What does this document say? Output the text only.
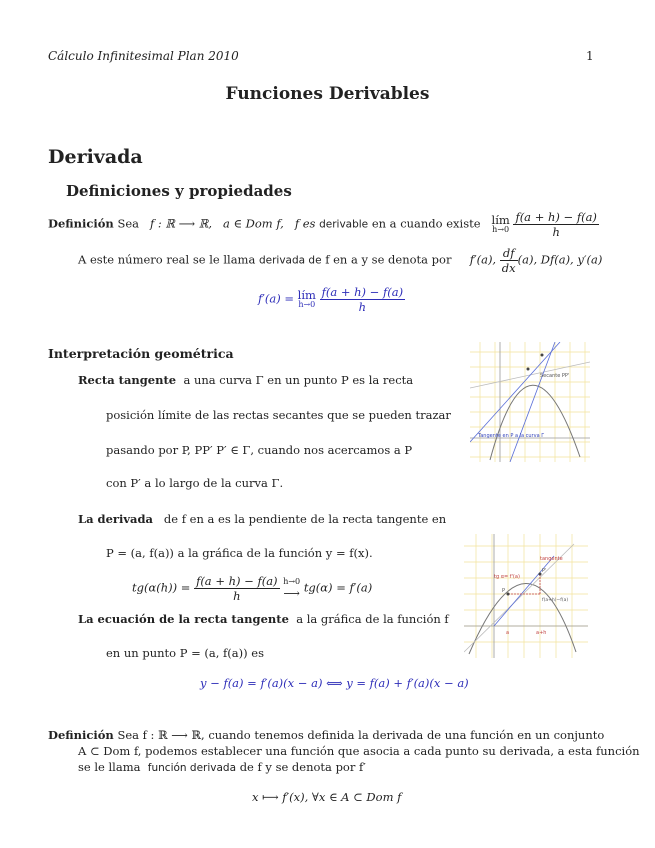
Cálculo Infinitesimal Plan 2010	1
Funciones Derivables
Derivada
Definiciones y propiedades
Definición Sea f : ℝ ⟶ ℝ, a ∈ Dom f, f es derivable en a cuando existe lím
h→0
$\frac{f(a + h) - f(a)}{h}$
A este número real se le llama derivada de f en a y se denota por f′(a), $\frac{df}{dx} (a)$, Df(a), y′(a)
f′(a) = lím
h→0
$\frac{f(a + h) - f(a)}{h}$
Interpretación geométrica
Recta tangente a una curva Γ en un punto P es la recta
posición límite de las rectas secantes que se pueden trazar
pasando por P, PP′ P′ ∈ Γ, cuando nos acercamos a P
con P′ a lo largo de la curva Γ.
Secante PP'
Tangente en P a la curva Γ
La derivada de f en a es la pendiente de la recta tangente en
P = (a, f(a)) a la gráfica de la función y = f(x).
$tg(\alpha(h)) = \frac{f(a + h) - f(a)}{h}$
h→0
⟶ tg(α) = f′(a)
tangente
tg α= f'(a)
f(a+h)−f(a)
a	a+h
P
P'
La ecuación de la recta tangente a la gráfica de la función f
en un punto P = (a, f(a)) es
y − f(a) = f′(a)(x − a) ⟺ y = f(a) + f′(a)(x − a)
Definición Sea f : ℝ ⟶ ℝ, cuando tenemos definida la derivada de una función en un conjunto
A ⊂ Dom f, podemos establecer una función que asocia a cada punto su derivada, a esta función
se le llama función derivada de f y se denota por f′
x ⟼ f′(x), ∀x ∈ A ⊂ Dom f
